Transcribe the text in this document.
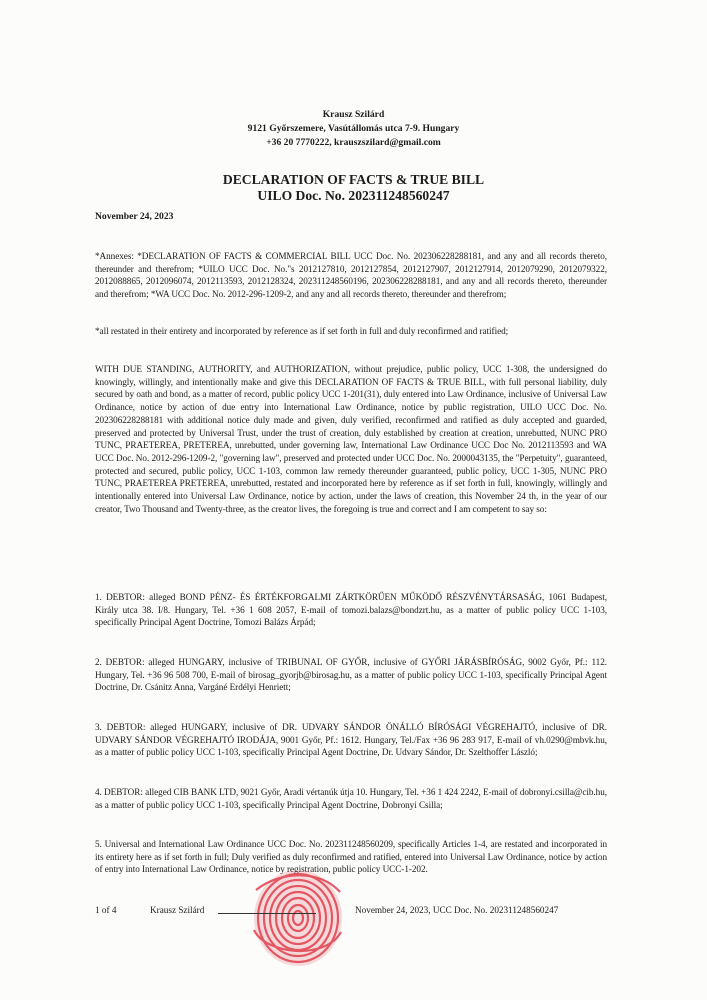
Krausz Szilárd
9121 Győrszemere, Vasútállomás utca 7-9. Hungary
+36 20 7770222, krauszszilard@gmail.com
DECLARATION OF FACTS & TRUE BILL
UILO Doc. No. 202311248560247
November 24, 2023
*Annexes: *DECLARATION OF FACTS & COMMERCIAL BILL UCC Doc. No. 202306228288181, and any and all records thereto, thereunder and therefrom; *UILO UCC Doc. No."s 2012127810, 2012127854, 2012127907, 2012127914, 2012079290, 2012079322, 2012088865, 2012096074, 2012113593, 2012128324, 202311248560196, 202306228288181, and any and all records thereto, thereunder and therefrom; *WA UCC Doc. No. 2012-296-1209-2, and any and all records thereto, thereunder and therefrom;
*all restated in their entirety and incorporated by reference as if set forth in full and duly reconfirmed and ratified;
WITH DUE STANDING, AUTHORITY, and AUTHORIZATION, without prejudice, public policy, UCC 1-308, the undersigned do knowingly, willingly, and intentionally make and give this DECLARATION OF FACTS & TRUE BILL, with full personal liability, duly secured by oath and bond, as a matter of record, public policy UCC 1-201(31), duly entered into Law Ordinance, inclusive of Universal Law Ordinance, notice by action of due entry into International Law Ordinance, notice by public registration, UILO UCC Doc. No. 202306228288181 with additional notice duly made and given, duly verified, reconfirmed and ratified as duly accepted and guarded, preserved and protected by Universal Trust, under the trust of creation, duly established by creation at creation, unrebutted, NUNC PRO TUNC, PRAETEREA, PRETEREA, unrebutted, under governing law, International Law Ordinance UCC Doc No. 2012113593 and WA UCC Doc. No. 2012-296-1209-2, "governing law", preserved and protected under UCC Doc. No. 2000043135, the "Perpetuity", guaranteed, protected and secured, public policy, UCC 1-103, common law remedy thereunder guaranteed, public policy, UCC 1-305, NUNC PRO TUNC, PRAETEREA PRETEREA, unrebutted, restated and incorporated here by reference as if set forth in full, knowingly, willingly and intentionally entered into Universal Law Ordinance, notice by action, under the laws of creation, this November 24 th, in the year of our creator, Two Thousand and Twenty-three, as the creator lives, the foregoing is true and correct and I am competent to say so:
1. DEBTOR: alleged BOND PÉNZ- ÉS ÉRTÉKFORGALMI ZÁRTKÖRŰEN MŰKÖDŐ RÉSZVÉNYTÁRSASÁG, 1061 Budapest, Király utca 38. I/8. Hungary, Tel. +36 1 608 2057, E-mail of tomozi.balazs@bondzrt.hu, as a matter of public policy UCC 1-103, specifically Principal Agent Doctrine, Tomozi Balázs Árpád;
2. DEBTOR: alleged HUNGARY, inclusive of TRIBUNAL OF GYŐR, inclusive of GYŐRI JÁRÁSBÍRÓSÁG, 9002 Győr, Pf.: 112. Hungary, Tel. +36 96 508 700, E-mail of birosag_gyorjb@birosag.hu, as a matter of public policy UCC 1-103, specifically Principal Agent Doctrine, Dr. Csánitz Anna, Vargáné Erdélyi Henriett;
3. DEBTOR: alleged HUNGARY, inclusive of DR. UDVARY SÁNDOR ÖNÁLLÓ BÍRÓSÁGI VÉGREHAJTÓ, inclusive of DR. UDVARY SÁNDOR VÉGREHAJTÓ IRODÁJA, 9001 Győr, Pf.: 1612. Hungary, Tel./Fax +36 96 283 917, E-mail of vh.0290@mbvk.hu, as a matter of public policy UCC 1-103, specifically Principal Agent Doctrine, Dr. Udvary Sándor, Dr. Szelthoffer László;
4. DEBTOR: alleged CIB BANK LTD, 9021 Győr, Aradi vértanúk útja 10. Hungary, Tel. +36 1 424 2242, E-mail of dobronyi.csilla@cib.hu, as a matter of public policy UCC 1-103, specifically Principal Agent Doctrine, Dobronyi Csilla;
5. Universal and International Law Ordinance UCC Doc. No. 202311248560209, specifically Articles 1-4, are restated and incorporated in its entirety here as if set forth in full; Duly verified as duly reconfirmed and ratified, entered into Universal Law Ordinance, notice by action of entry into International Law Ordinance, notice by registration, public policy UCC-1-202.
1 of 4	Krausz Szilárd	November 24, 2023, UCC Doc. No. 202311248560247
